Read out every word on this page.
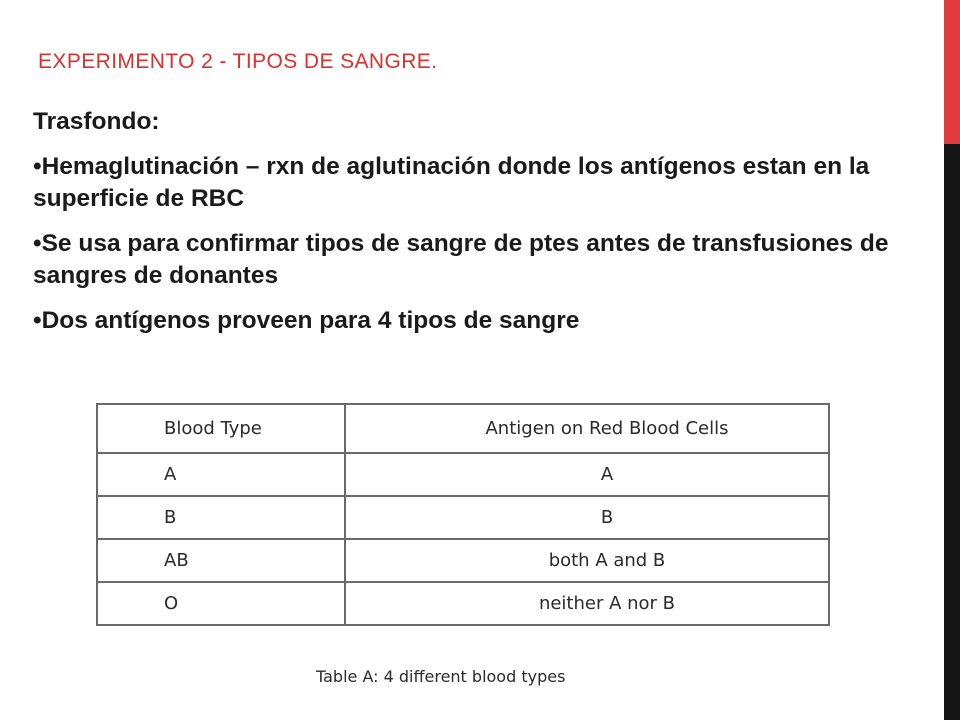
EXPERIMENTO 2 - TIPOS DE SANGRE.

Trasfondo:

•Hemaglutinación – rxn de aglutinación donde los antígenos estan en la superficie de RBC

•Se usa para confirmar tipos de sangre de ptes antes de transfusiones de sangres de donantes

•Dos antígenos proveen para 4 tipos de sangre

Blood Type	Antigen on Red Blood Cells
A	A
B	B
AB	both A and B
O	neither A nor B
Table A: 4 different blood types
